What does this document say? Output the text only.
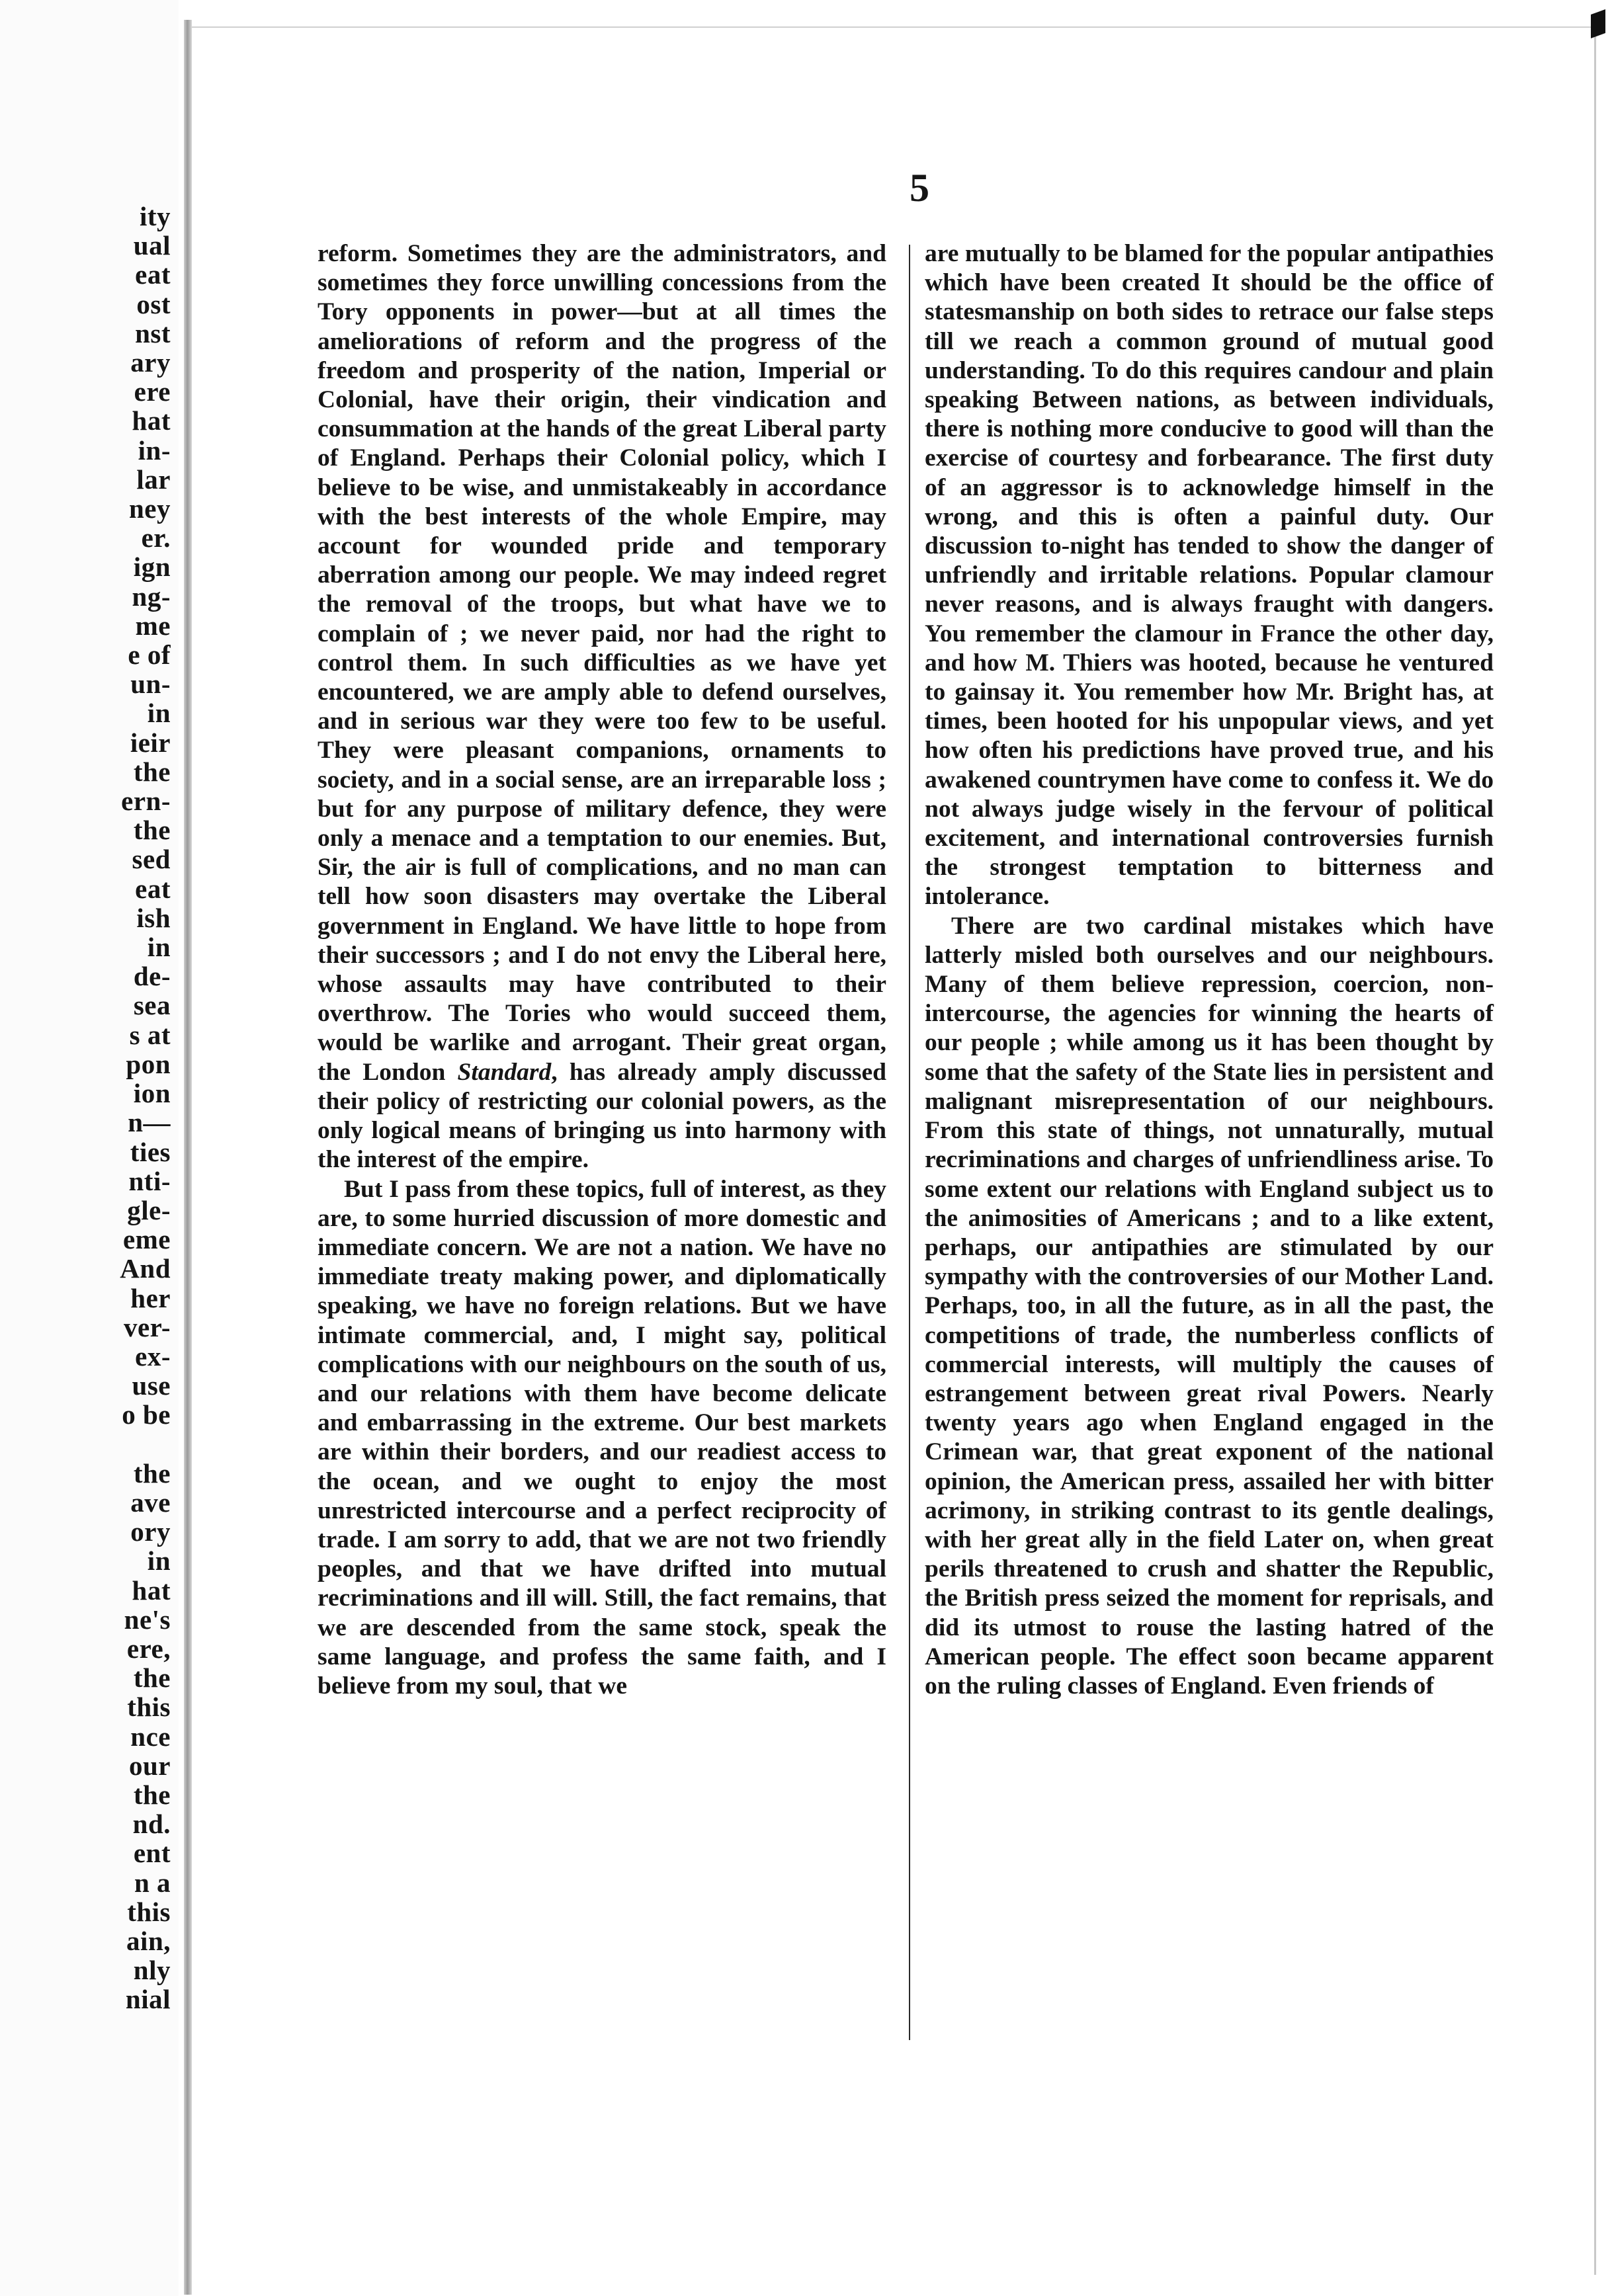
ity
ual
eat
ost
nst
ary
ere
hat
in-
lar
ney
er.
ign
ng-
me
e of
un-
in
ieir
the
ern-
the
sed
eat
ish
in
de-
sea
s at
pon
ion
n—
ties
nti-
gle-
eme
And
her
ver-
ex-
use
o be

the
ave
ory
in
hat
ne's
ere,
the
this
nce
our
the
nd.
ent
n a
this
ain,
nly
nial
5

reform. Sometimes they are the administrators, and sometimes they force unwilling concessions from the Tory opponents in power—but at all times the ameliorations of reform and the progress of the freedom and prosperity of the nation, Imperial or Colonial, have their origin, their vindication and consummation at the hands of the great Liberal party of England. Perhaps their Colonial policy, which I believe to be wise, and unmistakeably in accordance with the best interests of the whole Empire, may account for wounded pride and temporary aberration among our people. We may indeed regret the removal of the troops, but what have we to complain of ; we never paid, nor had the right to control them. In such difficulties as we have yet encountered, we are amply able to defend ourselves, and in serious war they were too few to be useful. They were pleasant companions, ornaments to society, and in a social sense, are an irreparable loss ; but for any purpose of military defence, they were only a menace and a temptation to our enemies. But, Sir, the air is full of complications, and no man can tell how soon disasters may overtake the Liberal government in England. We have little to hope from their successors ; and I do not envy the Liberal here, whose assaults may have contributed to their overthrow. The Tories who would succeed them, would be warlike and arrogant. Their great organ, the London Standard, has already amply discussed their policy of restricting our colonial powers, as the only logical means of bringing us into harmony with the interest of the empire.

But I pass from these topics, full of interest, as they are, to some hurried discussion of more domestic and immediate concern. We are not a nation. We have no immediate treaty making power, and diplomatically speaking, we have no foreign relations. But we have intimate commercial, and, I might say, political complications with our neighbours on the south of us, and our relations with them have become delicate and embarrassing in the extreme. Our best markets are within their borders, and our readiest access to the ocean, and we ought to enjoy the most unrestricted intercourse and a perfect reciprocity of trade. I am sorry to add, that we are not two friendly peoples, and that we have drifted into mutual recriminations and ill will. Still, the fact remains, that we are descended from the same stock, speak the same language, and profess the same faith, and I believe from my soul, that we

are mutually to be blamed for the popular antipathies which have been created It should be the office of statesmanship on both sides to retrace our false steps till we reach a common ground of mutual good understanding. To do this requires candour and plain speaking Between nations, as between individuals, there is nothing more conducive to good will than the exercise of courtesy and forbearance. The first duty of an aggressor is to acknowledge himself in the wrong, and this is often a painful duty. Our discussion to-night has tended to show the danger of unfriendly and irritable relations. Popular clamour never reasons, and is always fraught with dangers. You remember the clamour in France the other day, and how M. Thiers was hooted, because he ventured to gainsay it. You remember how Mr. Bright has, at times, been hooted for his unpopular views, and yet how often his predictions have proved true, and his awakened countrymen have come to confess it. We do not always judge wisely in the fervour of political excitement, and international controversies furnish the strongest temptation to bitterness and intolerance.

There are two cardinal mistakes which have latterly misled both ourselves and our neighbours. Many of them believe repression, coercion, non-intercourse, the agencies for winning the hearts of our people ; while among us it has been thought by some that the safety of the State lies in persistent and malignant misrepresentation of our neighbours. From this state of things, not unnaturally, mutual recriminations and charges of unfriendliness arise. To some extent our relations with England subject us to the animosities of Americans ; and to a like extent, perhaps, our antipathies are stimulated by our sympathy with the controversies of our Mother Land. Perhaps, too, in all the future, as in all the past, the competitions of trade, the numberless conflicts of commercial interests, will multiply the causes of estrangement between great rival Powers. Nearly twenty years ago when England engaged in the Crimean war, that great exponent of the national opinion, the American press, assailed her with bitter acrimony, in striking contrast to its gentle dealings, with her great ally in the field Later on, when great perils threatened to crush and shatter the Republic, the British press seized the moment for reprisals, and did its utmost to rouse the lasting hatred of the American people. The effect soon became apparent on the ruling classes of England. Even friends of
